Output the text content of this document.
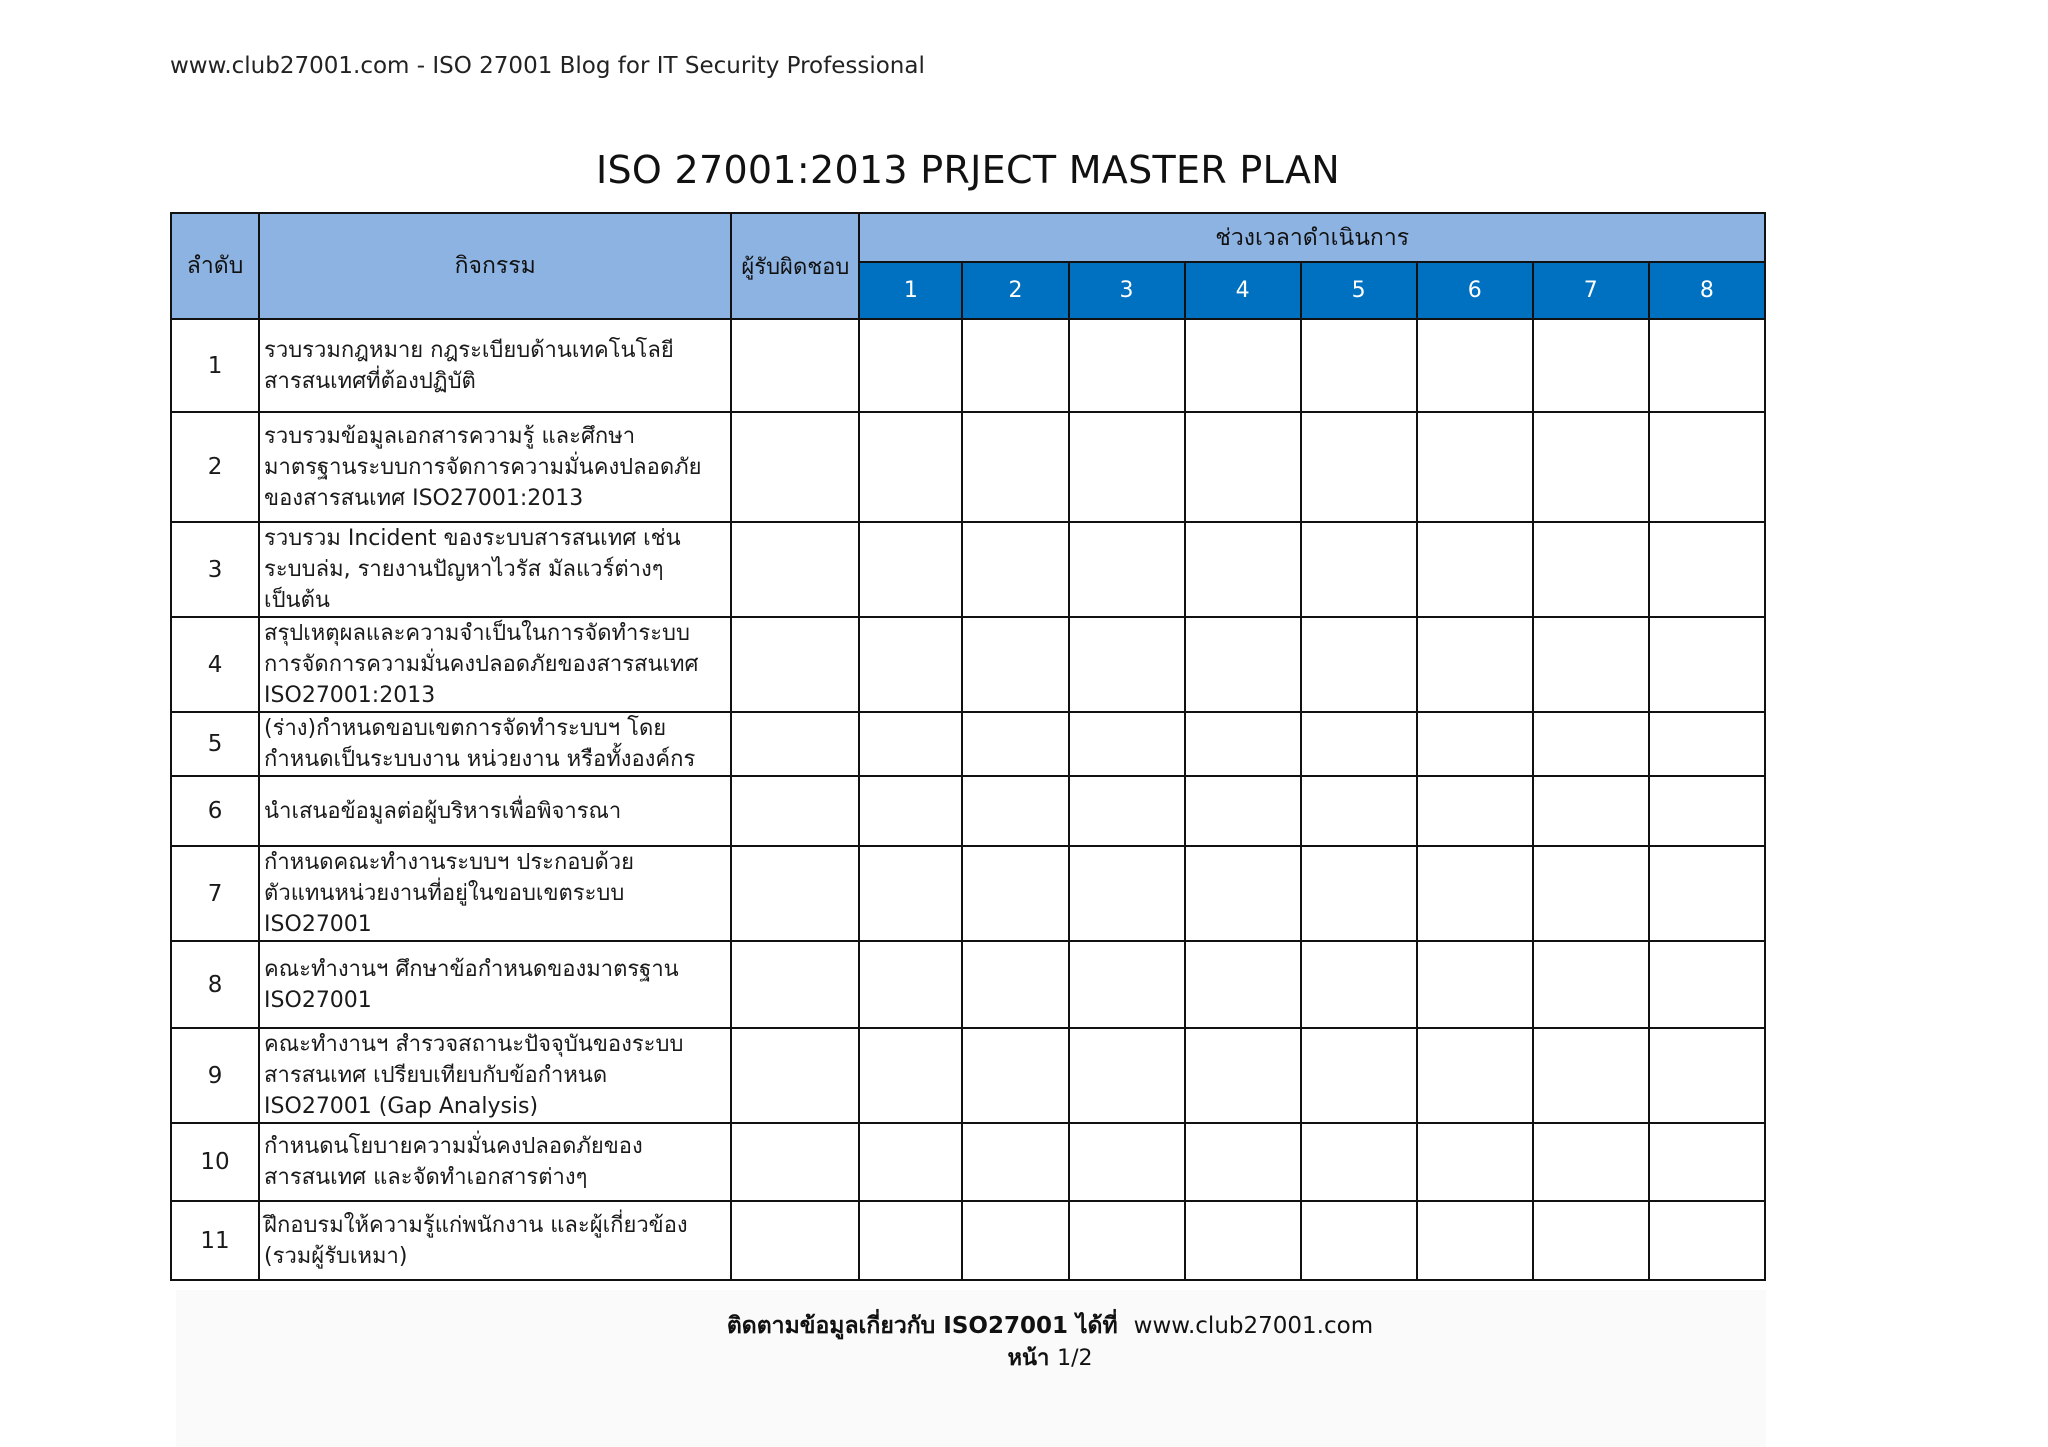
www.club27001.com - ISO 27001 Blog for IT Security Professional
ISO 27001:2013 PRJECT MASTER PLAN
ลำดับ	กิจกรรม	ผู้รับผิดชอบ	ช่วงเวลาดำเนินการ							
			1	2	3	4	5	6	7	8
1	รวบรวมกฎหมาย กฎระเบียบด้านเทคโนโลยี
สารสนเทศที่ต้องปฏิบัติ									

2	รวบรวมข้อมูลเอกสารความรู้ และศึกษา
มาตรฐานระบบการจัดการความมั่นคงปลอดภัย
ของสารสนเทศ ISO27001:2013									

3	รวบรวม Incident ของระบบสารสนเทศ เช่น
ระบบล่ม, รายงานปัญหาไวรัส มัลแวร์ต่างๆ
เป็นต้น									

4	สรุปเหตุผลและความจำเป็นในการจัดทำระบบ
การจัดการความมั่นคงปลอดภัยของสารสนเทศ
ISO27001:2013									

5	(ร่าง)กำหนดขอบเขตการจัดทำระบบฯ โดย
กำหนดเป็นระบบงาน หน่วยงาน หรือทั้งองค์กร									

6	นำเสนอข้อมูลต่อผู้บริหารเพื่อพิจารณา									

7	กำหนดคณะทำงานระบบฯ ประกอบด้วย
ตัวแทนหน่วยงานที่อยู่ในขอบเขตระบบ
ISO27001									

8	คณะทำงานฯ ศึกษาข้อกำหนดของมาตรฐาน
ISO27001									

9	คณะทำงานฯ สำรวจสถานะปัจจุบันของระบบ
สารสนเทศ เปรียบเทียบกับข้อกำหนด
ISO27001 (Gap Analysis)									

10	กำหนดนโยบายความมั่นคงปลอดภัยของ
สารสนเทศ และจัดทำเอกสารต่างๆ									

11	ฝึกอบรมให้ความรู้แก่พนักงาน และผู้เกี่ยวข้อง
(รวมผู้รับเหมา)									

ติดตามข้อมูลเกี่ยวกับ ISO27001 ได้ที่ www.club27001.com
หน้า 1/2
